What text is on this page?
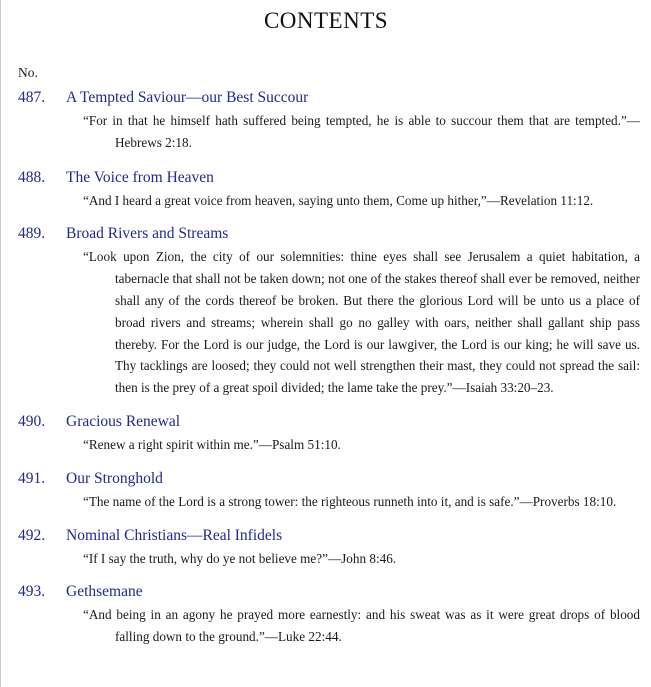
CONTENTS
No.
487. A Tempted Saviour—our Best Succour
“For in that he himself hath suffered being tempted, he is able to succour them that are tempted.”—Hebrews 2:18.
488. The Voice from Heaven
“And I heard a great voice from heaven, saying unto them, Come up hither,”—Revelation 11:12.
489. Broad Rivers and Streams
“Look upon Zion, the city of our solemnities: thine eyes shall see Jerusalem a quiet habitation, a tabernacle that shall not be taken down; not one of the stakes thereof shall ever be removed, neither shall any of the cords thereof be broken. But there the glorious Lord will be unto us a place of broad rivers and streams; wherein shall go no galley with oars, neither shall gallant ship pass thereby. For the Lord is our judge, the Lord is our lawgiver, the Lord is our king; he will save us. Thy tacklings are loosed; they could not well strengthen their mast, they could not spread the sail: then is the prey of a great spoil divided; the lame take the prey.”—Isaiah 33:20–23.
490. Gracious Renewal
“Renew a right spirit within me.”—Psalm 51:10.
491. Our Stronghold
“The name of the Lord is a strong tower: the righteous runneth into it, and is safe.”—Proverbs 18:10.
492. Nominal Christians—Real Infidels
“If I say the truth, why do ye not believe me?”—John 8:46.
493. Gethsemane
“And being in an agony he prayed more earnestly: and his sweat was as it were great drops of blood falling down to the ground.”—Luke 22:44.
